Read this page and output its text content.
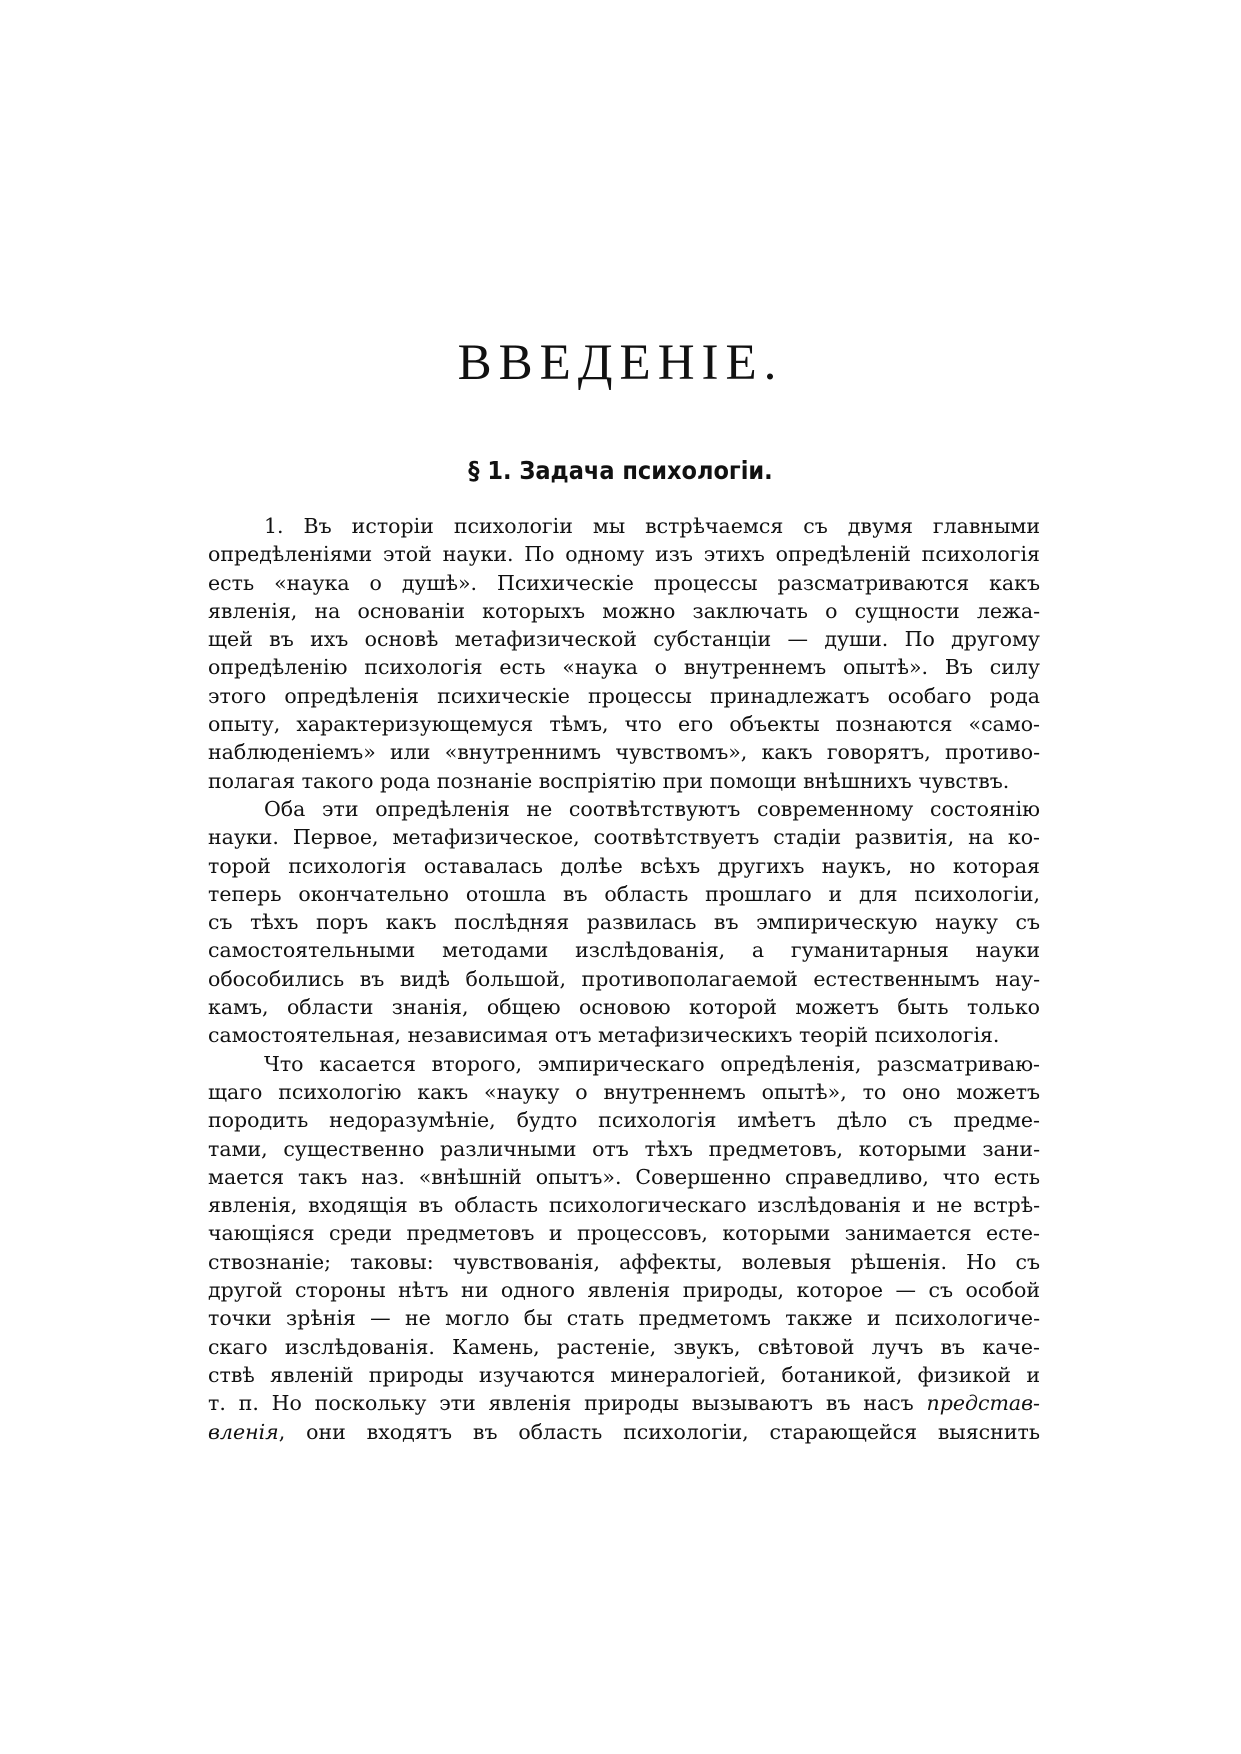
ВВЕДЕНІЕ.
§ 1. Задача психологіи.
1. Въ исторіи психологіи мы встрѣчаемся съ двумя главными
опредѣленіями этой науки. По одному изъ этихъ опредѣленій психологія
есть «наука о душѣ». Психическіе процессы разсматриваются какъ
явленія, на основаніи которыхъ можно заключать о сущности лежа-
щей въ ихъ основѣ метафизической субстанціи — души. По другому
опредѣленію психологія есть «наука о внутреннемъ опытѣ». Въ силу
этого опредѣленія психическіе процессы принадлежатъ особаго рода
опыту, характеризующемуся тѣмъ, что его объекты познаются «само-
наблюденіемъ» или «внутреннимъ чувствомъ», какъ говорятъ, противо-
полагая такого рода познаніе воспріятію при помощи внѣшнихъ чувствъ.
Оба эти опредѣленія не соотвѣтствуютъ современному состоянію
науки. Первое, метафизическое, соотвѣтствуетъ стадіи развитія, на ко-
торой психологія оставалась долѣе всѣхъ другихъ наукъ, но которая
теперь окончательно отошла въ область прошлаго и для психологіи,
съ тѣхъ поръ какъ послѣдняя развилась въ эмпирическую науку съ
самостоятельными методами изслѣдованія, а гуманитарныя науки
обособились въ видѣ большой, противополагаемой естественнымъ нау-
камъ, области знанія, общею основою которой можетъ быть только
самостоятельная, независимая отъ метафизическихъ теорій психологія.
Что касается второго, эмпирическаго опредѣленія, разсматриваю-
щаго психологію какъ «науку о внутреннемъ опытѣ», то оно можетъ
породить недоразумѣніе, будто психологія имѣетъ дѣло съ предме-
тами, существенно различными отъ тѣхъ предметовъ, которыми зани-
мается такъ наз. «внѣшній опытъ». Совершенно справедливо, что есть
явленія, входящія въ область психологическаго изслѣдованія и не встрѣ-
чающіяся среди предметовъ и процессовъ, которыми занимается есте-
ствознаніе; таковы: чувствованія, аффекты, волевыя рѣшенія. Но съ
другой стороны нѣтъ ни одного явленія природы, которое — съ особой
точки зрѣнія — не могло бы стать предметомъ также и психологиче-
скаго изслѣдованія. Камень, растеніе, звукъ, свѣтовой лучъ въ каче-
ствѣ явленій природы изучаются минералогіей, ботаникой, физикой и
т. п. Но поскольку эти явленія природы вызываютъ въ насъ представ-
вленія, они входятъ въ область психологіи, старающейся выяснить
